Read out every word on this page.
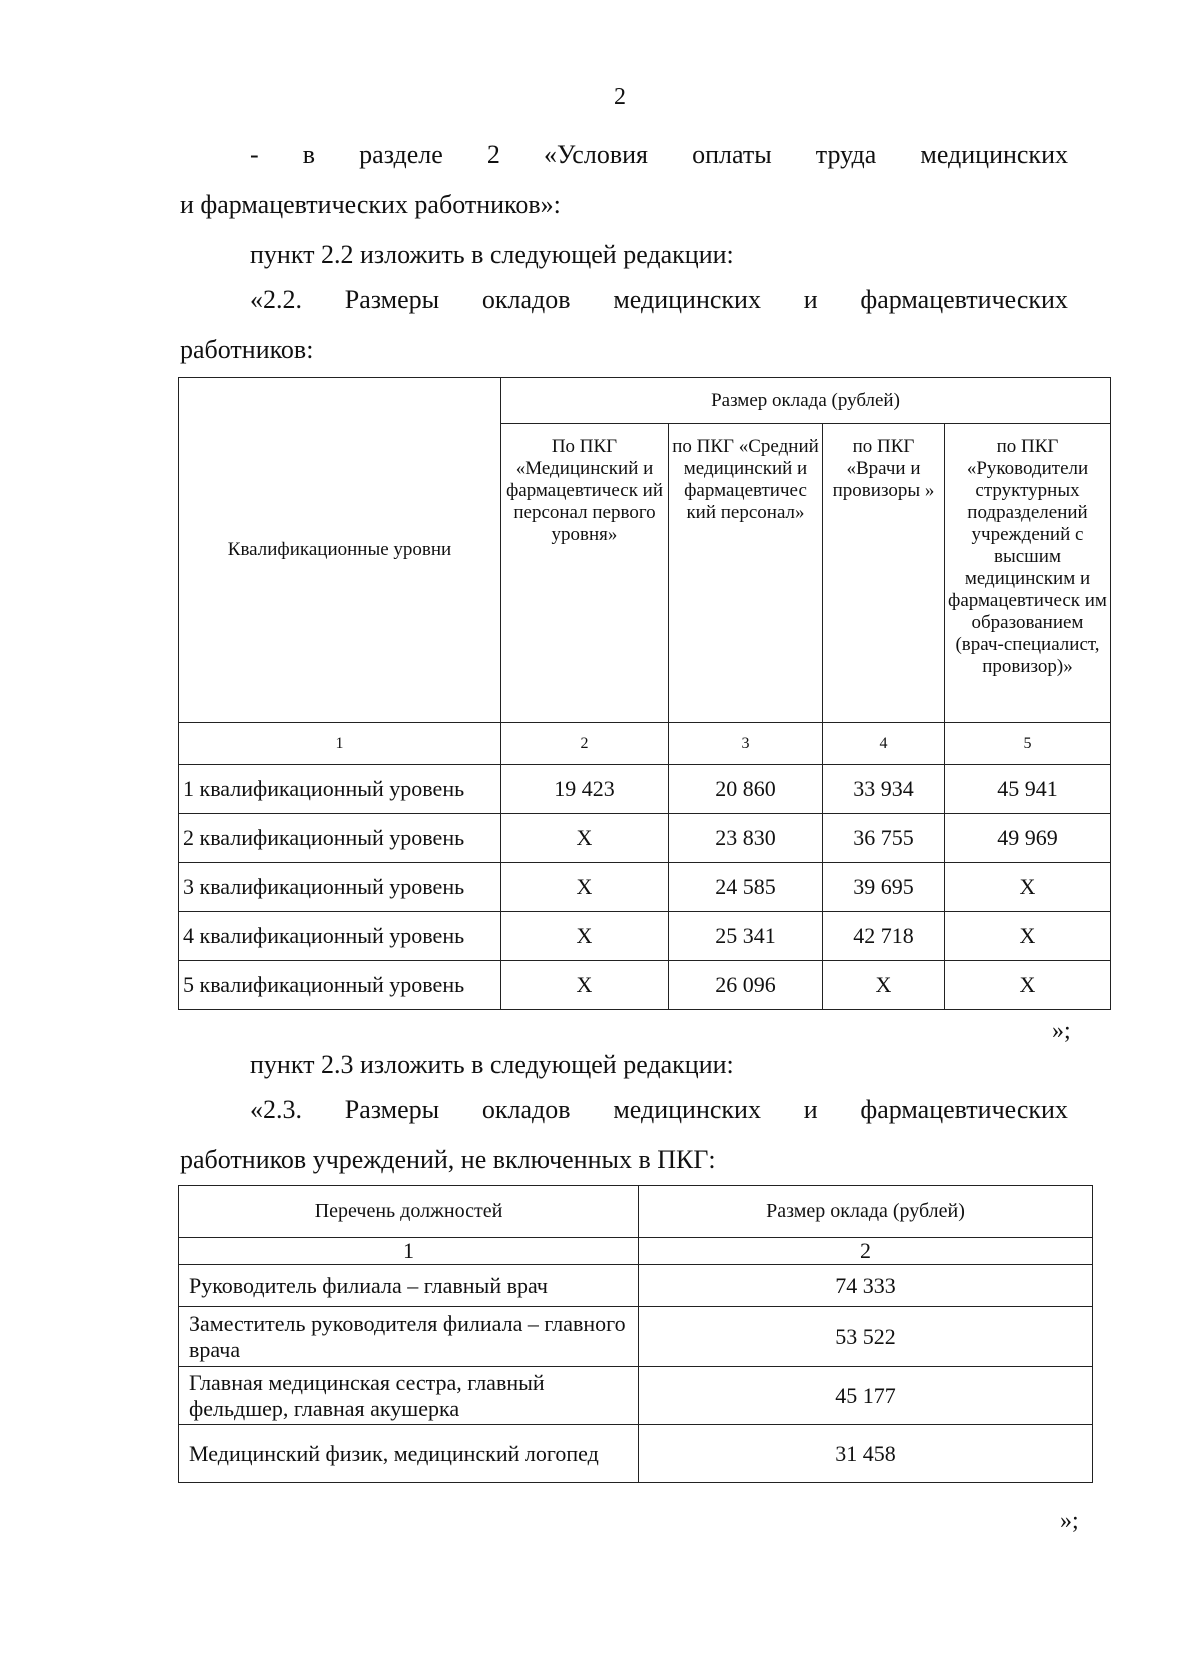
2
- в разделе 2 «Условия оплаты труда медицинских
и фармацевтических работников»:
пункт 2.2 изложить в следующей редакции:
«2.2. Размеры окладов медицинских и фармацевтических
работников:
Квалификационные уровни	Размер оклада (рублей)			
	По ПКГ «Медицинский и фармацевтическ ий персонал первого уровня»	по ПКГ «Средний медицинский и фармацевтичес кий персонал»	по ПКГ «Врачи и провизоры »	по ПКГ «Руководители структурных подразделений учреждений с высшим медицинским и фармацевтическ им образованием (врач-специалист, провизор)»
1	2	3	4	5
1 квалификационный уровень	19 423	20 860	33 934	45 941
2 квалификационный уровень	X	23 830	36 755	49 969
3 квалификационный уровень	X	24 585	39 695	X
4 квалификационный уровень	X	25 341	42 718	X
5 квалификационный уровень	X	26 096	X	X
»;
пункт 2.3 изложить в следующей редакции:
«2.3. Размеры окладов медицинских и фармацевтических
работников учреждений, не включенных в ПКГ:
Перечень должностей	Размер оклада (рублей)
1	2
Руководитель филиала – главный врач	74 333
Заместитель руководителя филиала – главного врача	53 522
Главная медицинская сестра, главный фельдшер, главная акушерка	45 177
Медицинский физик, медицинский логопед	31 458
»;
